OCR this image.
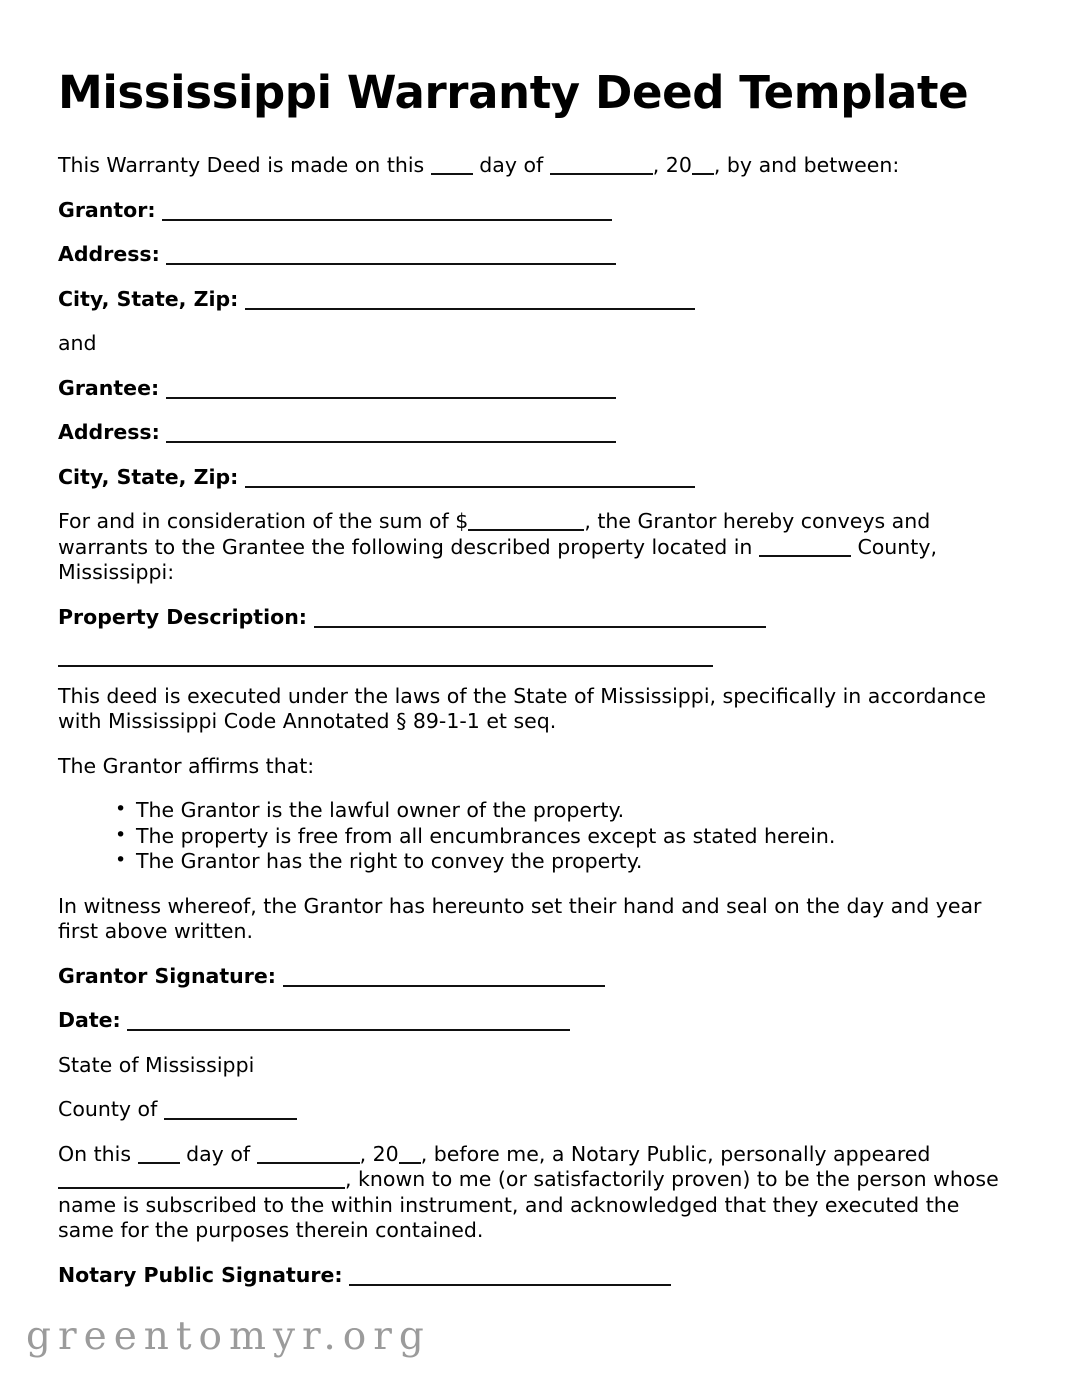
Mississippi Warranty Deed Template

This Warranty Deed is made on this  day of	, 20 , by and between:

Grantor:
Address:
City, State, Zip:

and

Grantee:
Address:
City, State, Zip:

For and in consideration of the sum of $	, the Grantor hereby conveys and warrants to the Grantee the following described property located in	County, Mississippi:

Property Description:

This deed is executed under the laws of the State of Mississippi, specifically in accordance with Mississippi Code Annotated § 89-1-1 et seq.

The Grantor affirms that:

• The Grantor is the lawful owner of the property.
• The property is free from all encumbrances except as stated herein.
• The Grantor has the right to convey the property.

In witness whereof, the Grantor has hereunto set their hand and seal on the day and year first above written.

Grantor Signature:
Date:

State of Mississippi

County of

On this  day of	, 20 , before me, a Notary Public, personally appeared , known to me (or satisfactorily proven) to be the person whose name is subscribed to the within instrument, and acknowledged that they executed the same for the purposes therein contained.

Notary Public Signature:
greentomyr.org
